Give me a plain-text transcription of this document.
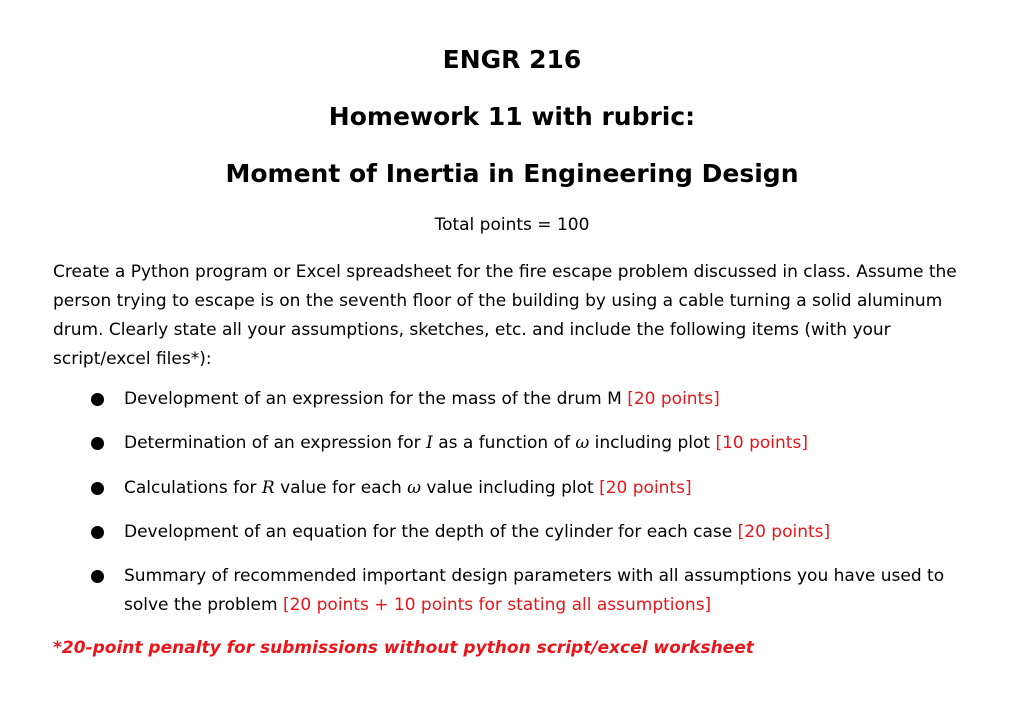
ENGR 216
Homework 11 with rubric:
Moment of Inertia in Engineering Design
Total points = 100

Create a Python program or Excel spreadsheet for the fire escape problem discussed in class. Assume the person trying to escape is on the seventh floor of the building by using a cable turning a solid aluminum drum. Clearly state all your assumptions, sketches, etc. and include the following items (with your script/excel files*):

Development of an expression for the mass of the drum M [20 points]
Determination of an expression for I as a function of ω including plot [10 points]
Calculations for R value for each ω value including plot [20 points]
Development of an equation for the depth of the cylinder for each case [20 points]
Summary of recommended important design parameters with all assumptions you have used to solve the problem [20 points + 10 points for stating all assumptions]

*20-point penalty for submissions without python script/excel worksheet
